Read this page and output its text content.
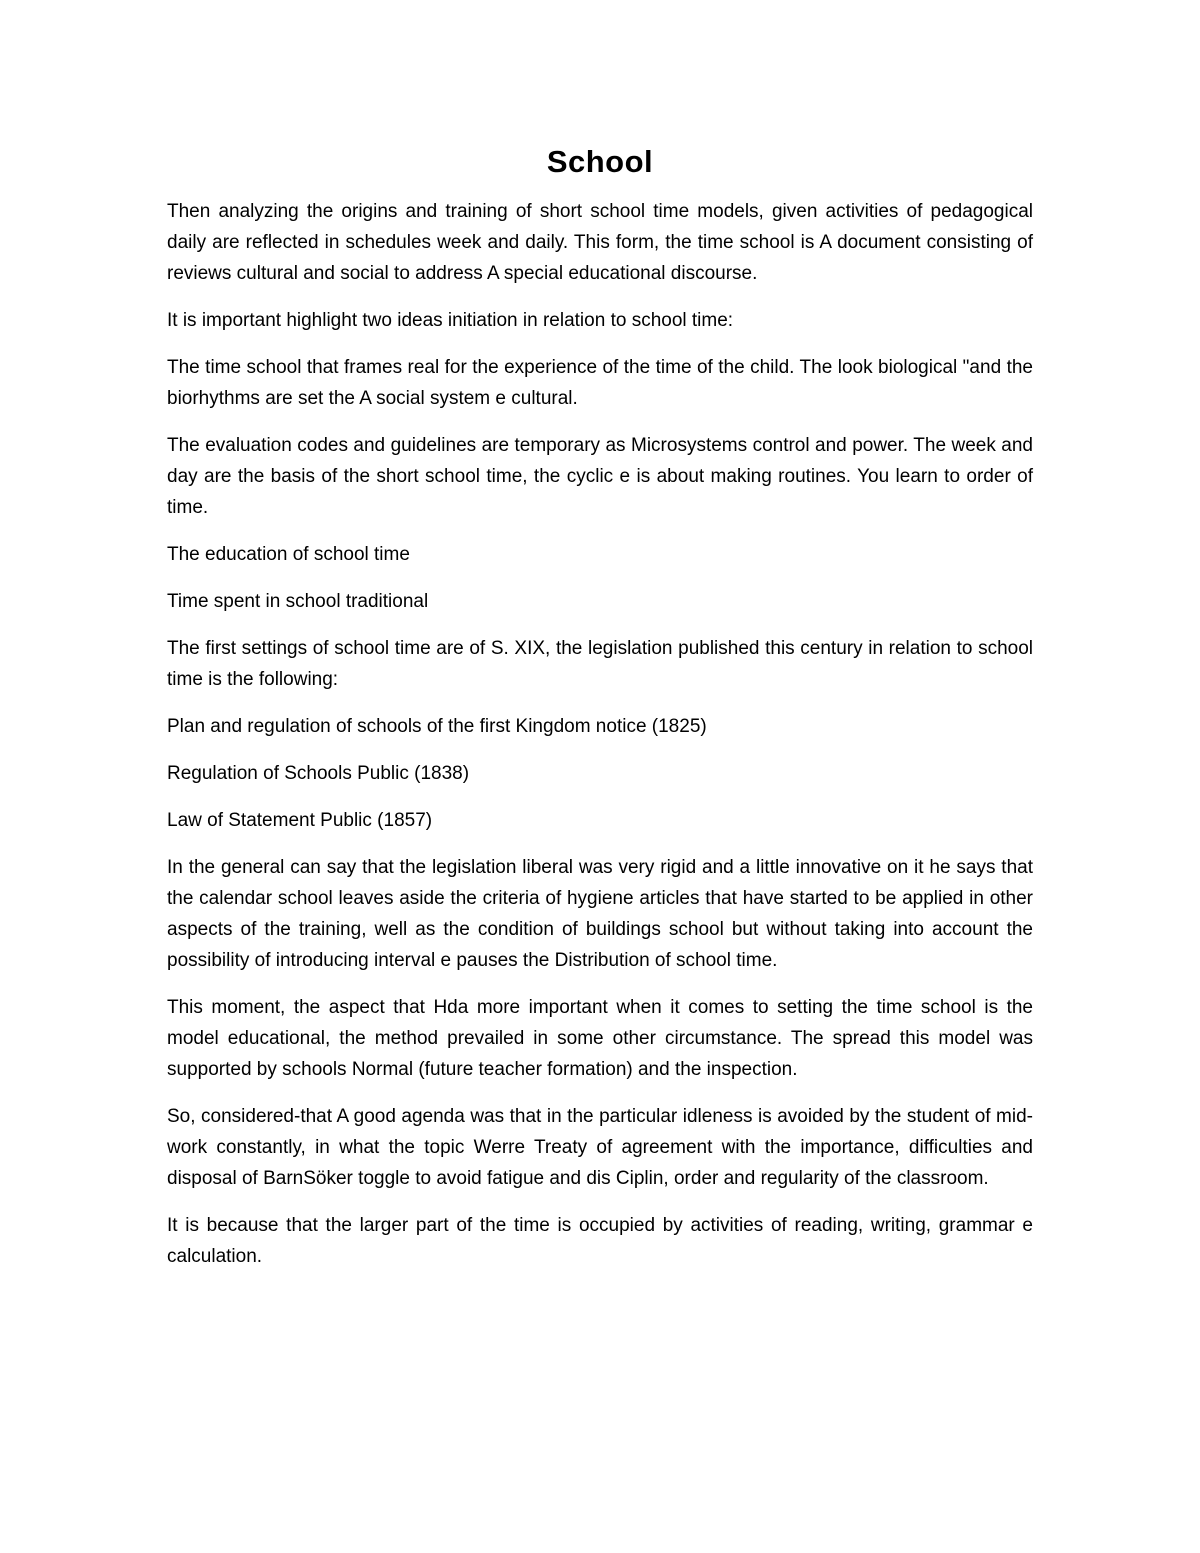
School

Then analyzing the origins and training of short school time models, given activities of pedagogical daily are reflected in schedules week and daily. This form, the time school is A document consisting of reviews cultural and social to address A special educational discourse.

It is important highlight two ideas initiation in relation to school time:

The time school that frames real for the experience of the time of the child. The look biological "and the biorhythms are set the A social system e cultural.

The evaluation codes and guidelines are temporary as Microsystems control and power. The week and day are the basis of the short school time, the cyclic e is about making routines. You learn to order of time.

The education of school time

Time spent in school traditional

The first settings of school time are of S. XIX, the legislation published this century in relation to school time is the following:

Plan and regulation of schools of the first Kingdom notice (1825)

Regulation of Schools Public (1838)

Law of Statement Public (1857)

In the general can say that the legislation liberal was very rigid and a little innovative on it he says that the calendar school leaves aside the criteria of hygiene articles that have started to be applied in other aspects of the training, well as the condition of buildings school but without taking into account the possibility of introducing interval e pauses the Distribution of school time.

This moment, the aspect that Hda more important when it comes to setting the time school is the model educational, the method prevailed in some other circumstance. The spread this model was supported by schools Normal (future teacher formation) and the inspection.

So, considered-that A good agenda was that in the particular idleness is avoided by the student of mid-work constantly, in what the topic Werre Treaty of agreement with the importance, difficulties and disposal of BarnSöker toggle to avoid fatigue and dis Ciplin, order and regularity of the classroom.

It is because that the larger part of the time is occupied by activities of reading, writing, grammar e calculation.
